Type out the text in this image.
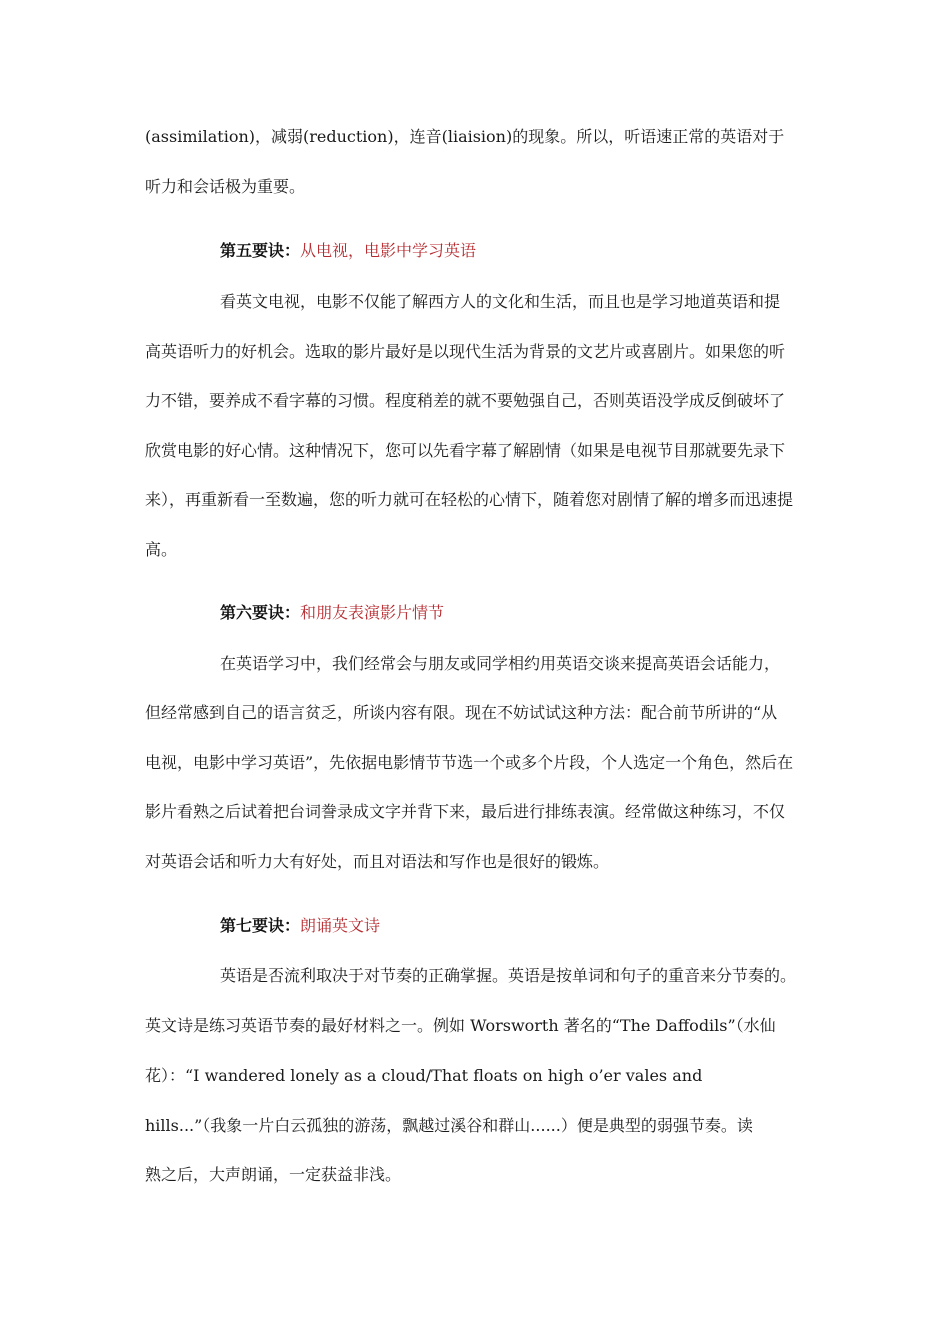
(assimilation)，减弱(reduction)，连音(liaision)的现象。所以，听语速正常的英语对于
听力和会话极为重要。
第五要诀：从电视，电影中学习英语
看英文电视，电影不仅能了解西方人的文化和生活，而且也是学习地道英语和提
高英语听力的好机会。选取的影片最好是以现代生活为背景的文艺片或喜剧片。如果您的听
力不错，要养成不看字幕的习惯。程度稍差的就不要勉强自己，否则英语没学成反倒破坏了
欣赏电影的好心情。这种情况下，您可以先看字幕了解剧情（如果是电视节目那就要先录下
来），再重新看一至数遍，您的听力就可在轻松的心情下，随着您对剧情了解的增多而迅速提
高。
第六要诀：和朋友表演影片情节
在英语学习中，我们经常会与朋友或同学相约用英语交谈来提高英语会话能力，
但经常感到自己的语言贫乏，所谈内容有限。现在不妨试试这种方法：配合前节所讲的“从
电视，电影中学习英语”，先依据电影情节节选一个或多个片段，个人选定一个角色，然后在
影片看熟之后试着把台词誊录成文字并背下来，最后进行排练表演。经常做这种练习，不仅
对英语会话和听力大有好处，而且对语法和写作也是很好的锻炼。
第七要诀：朗诵英文诗
英语是否流利取决于对节奏的正确掌握。英语是按单词和句子的重音来分节奏的。
英文诗是练习英语节奏的最好材料之一。例如 Worsworth 著名的“The Daffodils”（水仙
花）：“I wandered lonely as a cloud/That floats on high o’er vales and
hills...”（我象一片白云孤独的游荡，飘越过溪谷和群山......）便是典型的弱强节奏。读
熟之后，大声朗诵，一定获益非浅。
